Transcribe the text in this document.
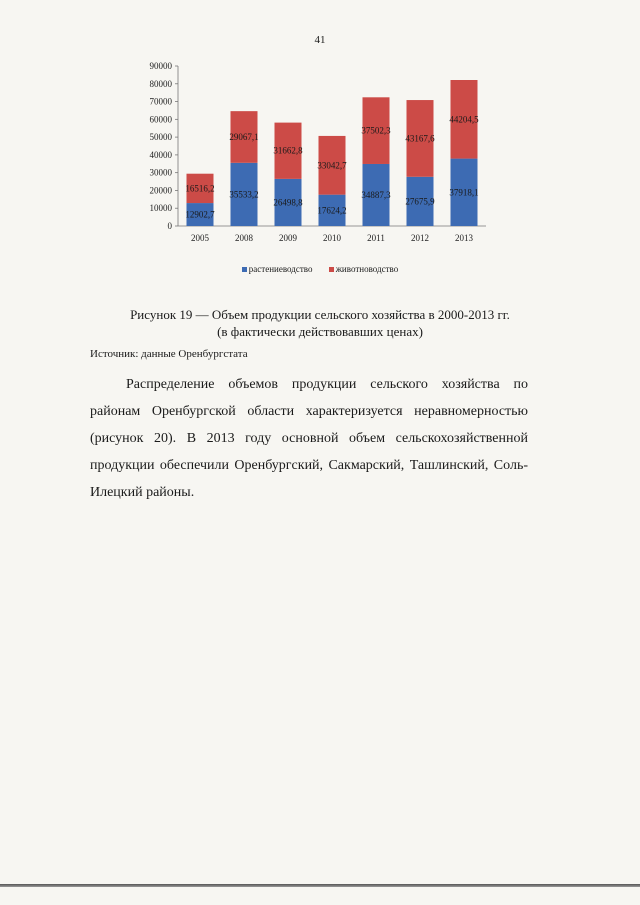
41
0
10000
20000
30000
40000
50000
60000
70000
80000
90000
12902,7
16516,2
2005
35533,2
29067,1
2008
26498,8
31662,8
2009
17624,2
33042,7
2010
34887,3
37502,3
2011
27675,9
43167,6
2012
37918,1
44204,5
2013
растениеводство	животноводство
Рисунок 19 — Объем продукции сельского хозяйства в 2000-2013 гг.
(в фактически действовавших ценах)
Источник: данные Оренбургстата
Распределение объемов продукции сельского хозяйства по районам Оренбургской области характеризуется неравномерностью (рисунок 20). В 2013 году основной объем сельскохозяйственной продукции обеспечили Оренбургский, Сакмарский, Ташлинский, Соль-Илецкий районы.
